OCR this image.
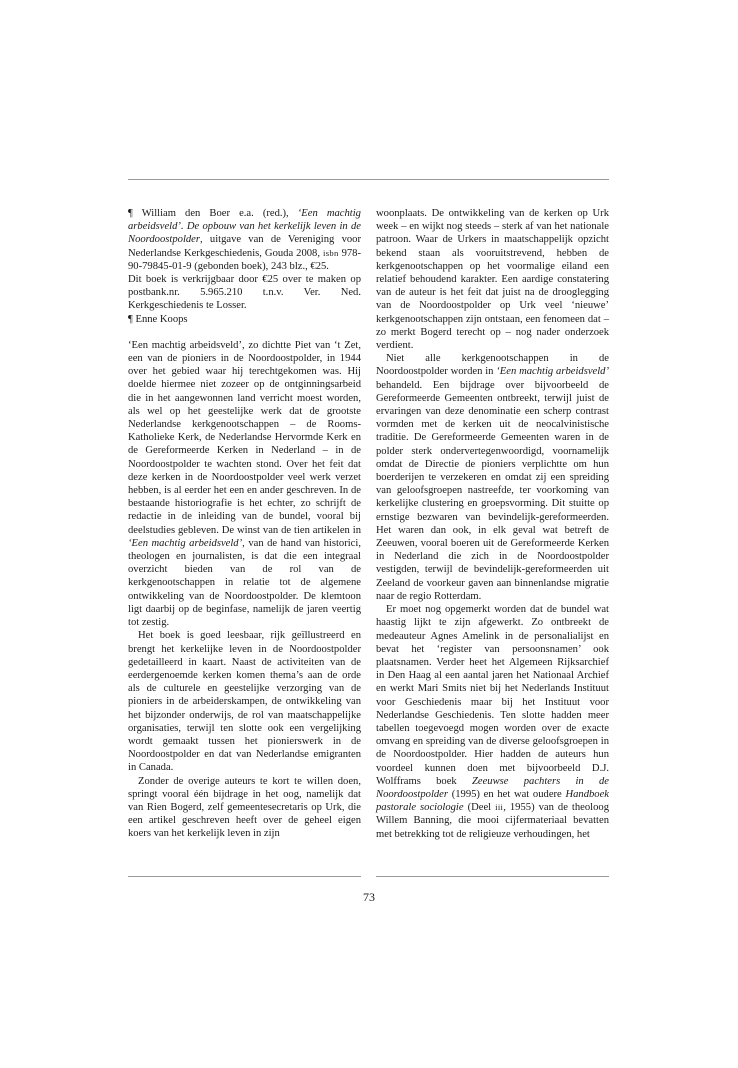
¶ William den Boer e.a. (red.), ‘Een machtig arbeidsveld’. De opbouw van het kerkelijk leven in de Noordoostpolder, uitgave van de Vereniging voor Nederlandse Kerkgeschiedenis, Gouda 2008, isbn 978-90-79845-01-9 (gebonden boek), 243 blz., €25.

Dit boek is verkrijgbaar door €25 over te maken op postbank.nr. 5.965.210 t.n.v. Ver. Ned. Kerkgeschiedenis te Losser.

¶ Enne Koops

‘Een machtig arbeidsveld’, zo dichtte Piet van ‘t Zet, een van de pioniers in de Noordoostpolder, in 1944 over het gebied waar hij terechtgekomen was. Hij doelde hiermee niet zozeer op de ontginningsarbeid die in het aangewonnen land verricht moest worden, als wel op het geestelijke werk dat de grootste Nederlandse kerkgenootschappen – de Rooms-Katholieke Kerk, de Nederlandse Hervormde Kerk en de Gereformeerde Kerken in Nederland – in de Noordoostpolder te wachten stond. Over het feit dat deze kerken in de Noordoostpolder veel werk verzet hebben, is al eerder het een en ander geschreven. In de bestaande historiografie is het echter, zo schrijft de redactie in de inleiding van de bundel, vooral bij deelstudies gebleven. De winst van de tien artikelen in ‘Een machtig arbeidsveld’, van de hand van historici, theologen en journalisten, is dat die een integraal overzicht bieden van de rol van de kerkgenootschappen in relatie tot de algemene ontwikkeling van de Noordoostpolder. De klemtoon ligt daarbij op de beginfase, namelijk de jaren veertig tot zestig.

Het boek is goed leesbaar, rijk geïllustreerd en brengt het kerkelijke leven in de Noordoostpolder gedetailleerd in kaart. Naast de activiteiten van de eerdergenoemde kerken komen thema’s aan de orde als de culturele en geestelijke verzorging van de pioniers in de arbeiderskampen, de ontwikkeling van het bijzonder onderwijs, de rol van maatschappelijke organisaties, terwijl ten slotte ook een vergelijking wordt gemaakt tussen het pionierswerk in de Noordoostpolder en dat van Nederlandse emigranten in Canada.

Zonder de overige auteurs te kort te willen doen, springt vooral één bijdrage in het oog, namelijk dat van Rien Bogerd, zelf gemeentesecretaris op Urk, die een artikel geschreven heeft over de geheel eigen koers van het kerkelijk leven in zijn

woonplaats. De ontwikkeling van de kerken op Urk week – en wijkt nog steeds – sterk af van het nationale patroon. Waar de Urkers in maatschappelijk opzicht bekend staan als vooruitstrevend, hebben de kerkgenootschappen op het voormalige eiland een relatief behoudend karakter. Een aardige constatering van de auteur is het feit dat juist na de drooglegging van de Noordoostpolder op Urk veel ‘nieuwe’ kerkgenootschappen zijn ontstaan, een fenomeen dat – zo merkt Bogerd terecht op – nog nader onderzoek verdient.

Niet alle kerkgenootschappen in de Noordoostpolder worden in ‘Een machtig arbeidsveld’ behandeld. Een bijdrage over bijvoorbeeld de Gereformeerde Gemeenten ontbreekt, terwijl juist de ervaringen van deze denominatie een scherp contrast vormden met de kerken uit de neocalvinistische traditie. De Gereformeerde Gemeenten waren in de polder sterk ondervertegenwoordigd, voornamelijk omdat de Directie de pioniers verplichtte om hun boerderijen te verzekeren en omdat zij een spreiding van geloofsgroepen nastreefde, ter voorkoming van kerkelijke clustering en groepsvorming. Dit stuitte op ernstige bezwaren van bevindelijk-gereformeerden. Het waren dan ook, in elk geval wat betreft de Zeeuwen, vooral boeren uit de Gereformeerde Kerken in Nederland die zich in de Noordoostpolder vestigden, terwijl de bevindelijk-gereformeerden uit Zeeland de voorkeur gaven aan binnenlandse migratie naar de regio Rotterdam.

Er moet nog opgemerkt worden dat de bundel wat haastig lijkt te zijn afgewerkt. Zo ontbreekt de medeauteur Agnes Amelink in de personalialijst en bevat het ‘register van persoonsnamen’ ook plaatsnamen. Verder heet het Algemeen Rijksarchief in Den Haag al een aantal jaren het Nationaal Archief en werkt Mari Smits niet bij het Nederlands Instituut voor Geschiedenis maar bij het Instituut voor Nederlandse Geschiedenis. Ten slotte hadden meer tabellen toegevoegd mogen worden over de exacte omvang en spreiding van de diverse geloofsgroepen in de Noordoostpolder. Hier hadden de auteurs hun voordeel kunnen doen met bijvoorbeeld D.J. Wolfframs boek Zeeuwse pachters in de Noordoostpolder (1995) en het wat oudere Handboek pastorale sociologie (Deel iii, 1955) van de theoloog Willem Banning, die mooi cijfermateriaal bevatten met betrekking tot de religieuze verhoudingen, het

73
